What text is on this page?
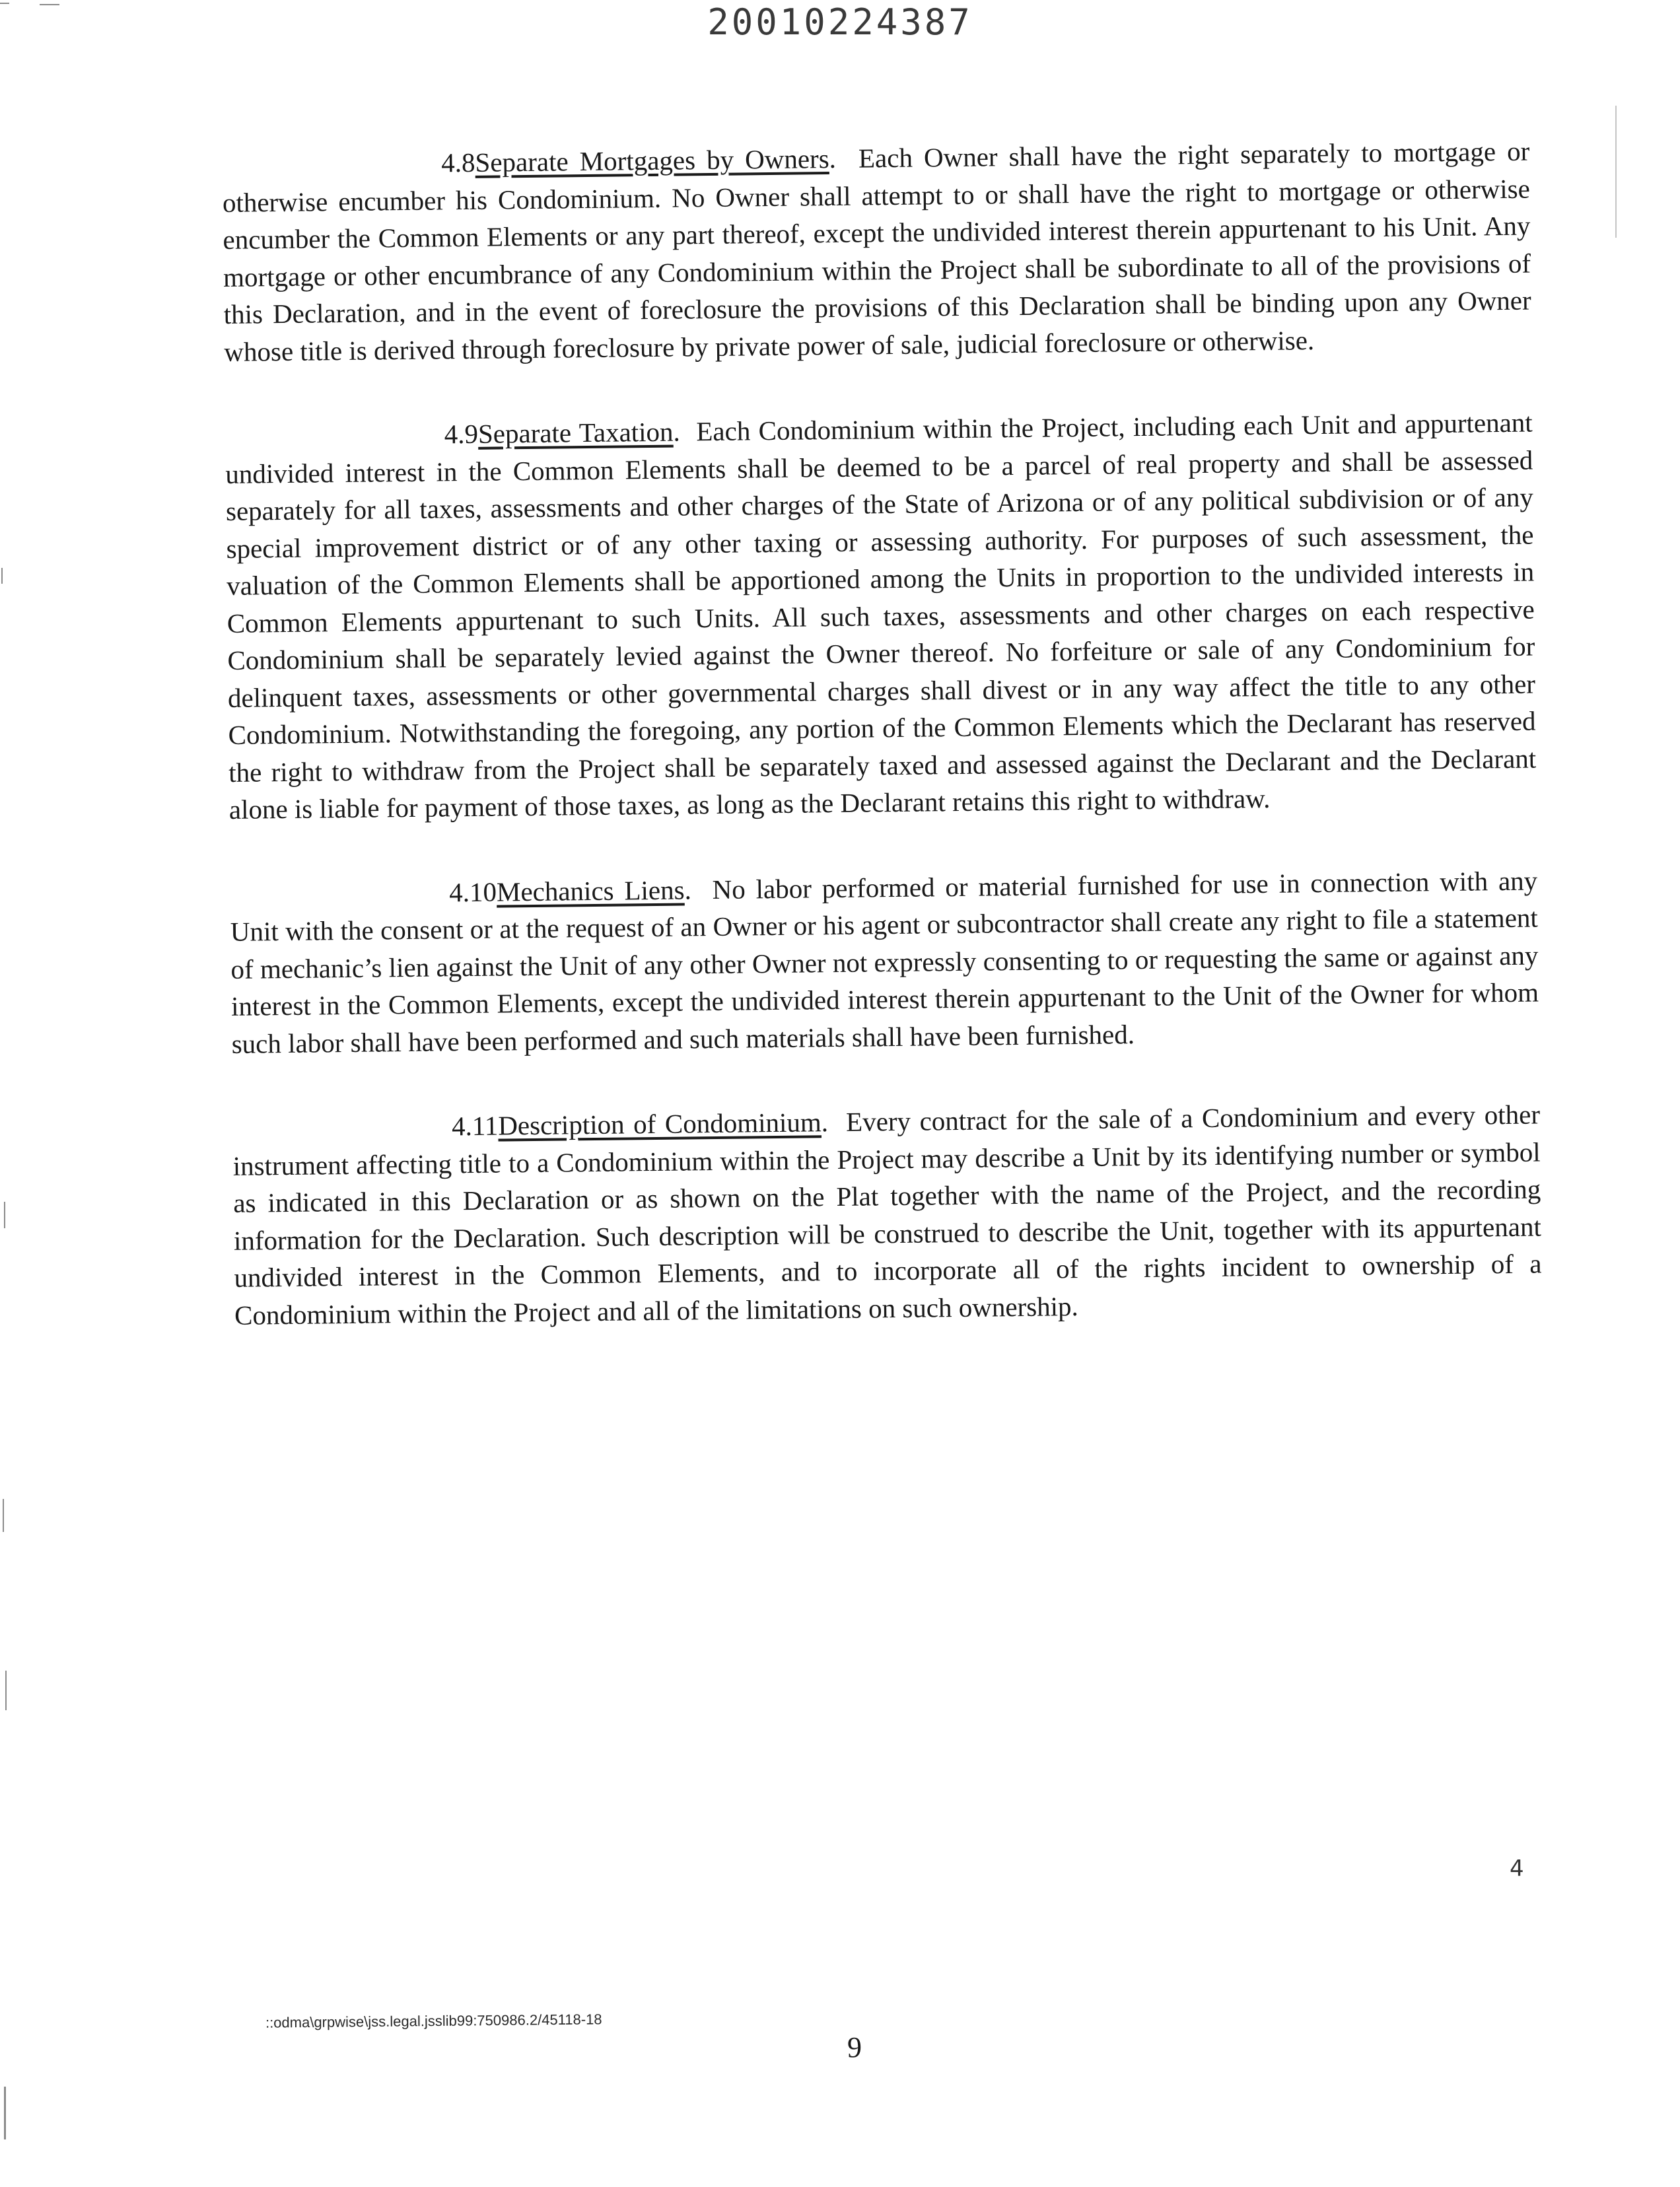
20010224387

4.8Separate Mortgages by Owners.  Each Owner shall have the right separately to mortgage or otherwise encumber his Condominium. No Owner shall attempt to or shall have the right to mortgage or otherwise encumber the Common Elements or any part thereof, except the undivided interest therein appurtenant to his Unit. Any mortgage or other encumbrance of any Condominium within the Project shall be subordinate to all of the provisions of this Declaration, and in the event of foreclosure the provisions of this Declaration shall be binding upon any Owner whose title is derived through foreclosure by private power of sale, judicial foreclosure or otherwise.

4.9Separate Taxation.  Each Condominium within the Project, including each Unit and appurtenant undivided interest in the Common Elements shall be deemed to be a parcel of real property and shall be assessed separately for all taxes, assessments and other charges of the State of Arizona or of any political subdivision or of any special improvement district or of any other taxing or assessing authority. For purposes of such assessment, the valuation of the Common Elements shall be apportioned among the Units in proportion to the undivided interests in Common Elements appurtenant to such Units. All such taxes, assessments and other charges on each respective Condominium shall be separately levied against the Owner thereof. No forfeiture or sale of any Condominium for delinquent taxes, assessments or other governmental charges shall divest or in any way affect the title to any other Condominium. Notwithstanding the foregoing, any portion of the Common Elements which the Declarant has reserved the right to withdraw from the Project shall be separately taxed and assessed against the Declarant and the Declarant alone is liable for payment of those taxes, as long as the Declarant retains this right to withdraw.

4.10Mechanics Liens.  No labor performed or material furnished for use in connection with any Unit with the consent or at the request of an Owner or his agent or subcontractor shall create any right to file a statement of mechanic’s lien against the Unit of any other Owner not expressly consenting to or requesting the same or against any interest in the Common Elements, except the undivided interest therein appurtenant to the Unit of the Owner for whom such labor shall have been performed and such materials shall have been furnished.

4.11Description of Condominium.  Every contract for the sale of a Condominium and every other instrument affecting title to a Condominium within the Project may describe a Unit by its identifying number or symbol as indicated in this Declaration or as shown on the Plat together with the name of the Project, and the recording information for the Declaration. Such description will be construed to describe the Unit, together with its appurtenant undivided interest in the Common Elements, and to incorporate all of the rights incident to ownership of a Condominium within the Project and all of the limitations on such ownership.

4
::odma\grpwise\jss.legal.jsslib99:750986.2/45118-18
9
